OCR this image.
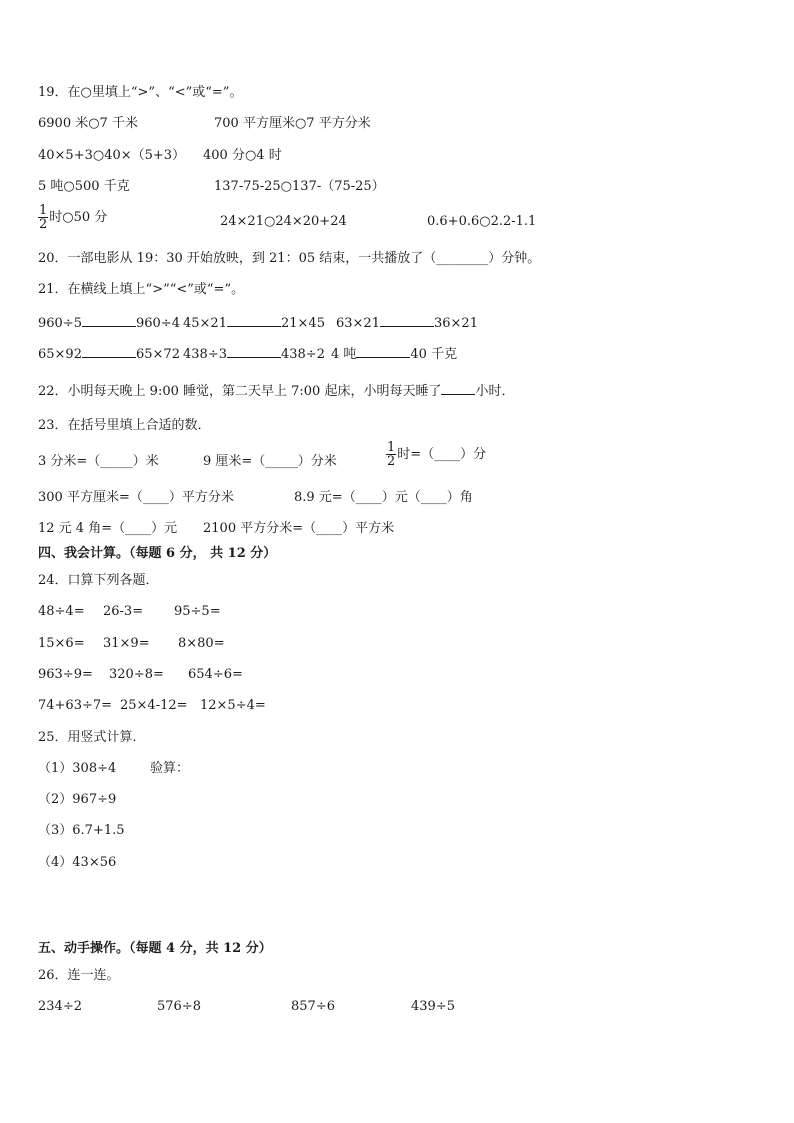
19．在○里填上“>”、“<”或“=”。
6900 米○7 千米	700 平方厘米○7 平方分米
40×5+3○40×（5+3） 400 分○4 时
5 吨○500 千克	137-75-25○137-（75-25）
$\frac{1}{2}$ 时○50 分	24×21○24×20+24	0.6+0.6○2.2-1.1
20．一部电影从 19：30 开始放映，到 21：05 结束，一共播放了（________）分钟。
21．在横线上填上“>”“<”或“=”。
960÷5	960÷4 45×21	21×45 63×21	36×21
65×92	65×72 438÷3	438÷2 4 吨	40 千克
22．小明每天晚上 9:00 睡觉，第二天早上 7:00 起床，小明每天睡了	小时．
23．在括号里填上合适的数．
3 分米=（_____）米	9 厘米=（_____）分米	$\frac{1}{2}$ 时=（____）分
300 平方厘米=（____）平方分米	8.9 元=（____）元（____）角
12 元 4 角=（____）元 2100 平方分米=（____）平方米
四、我会计算。（每题 6 分， 共 12 分）
24．口算下列各题．
48÷4= 26-3= 95÷5=
15×6= 31×9= 8×80=
963÷9= 320÷8= 654÷6=
74+63÷7= 25×4-12= 12×5÷4=
25．用竖式计算．
（1）308÷4	验算：
（2）967÷9
（3）6.7+1.5
（4）43×56
五、动手操作。（每题 4 分，共 12 分）
26．连一连。
234÷2	576÷8	857÷6	439÷5
